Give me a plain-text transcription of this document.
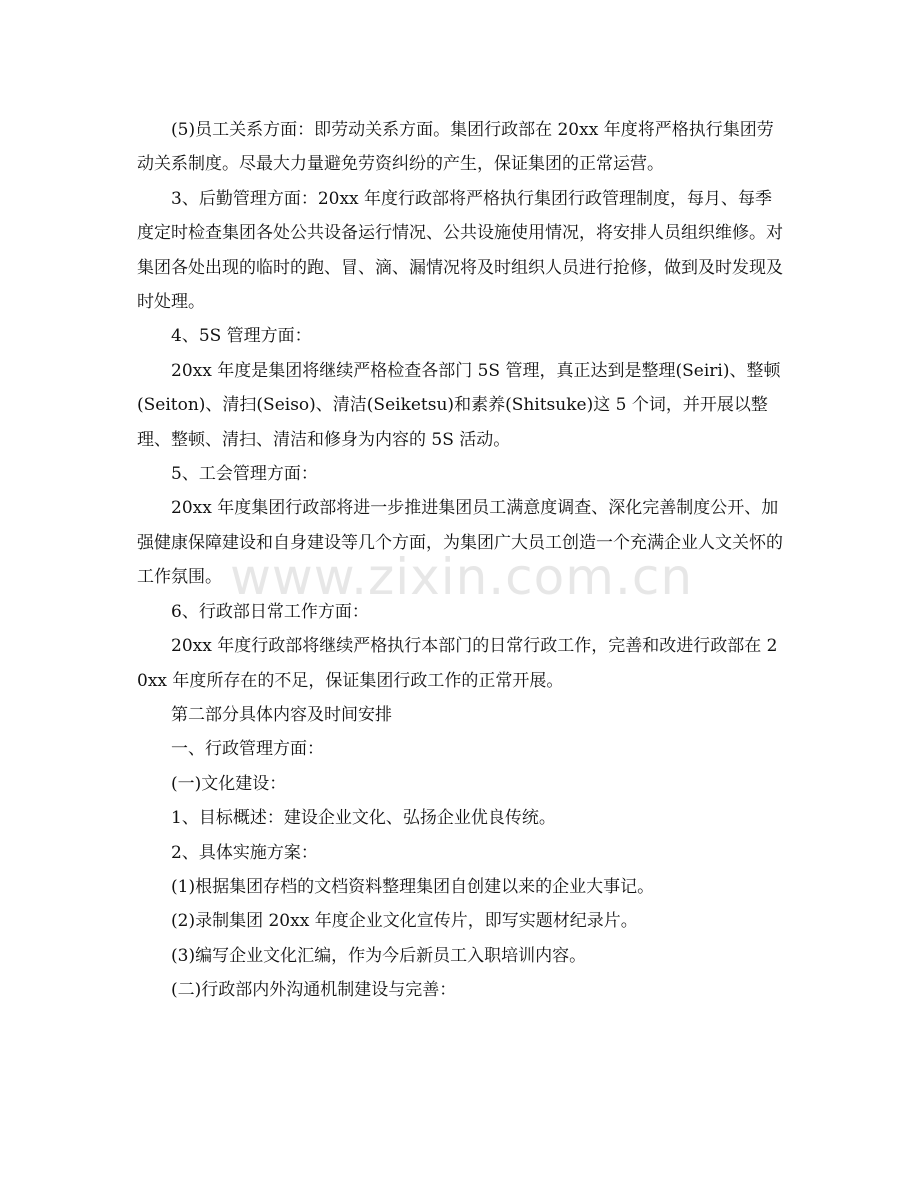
www.zixin.com.cn

(5)员工关系方面：即劳动关系方面。集团行政部在 20xx 年度将严格执行集团劳动关系制度。尽最大力量避免劳资纠纷的产生，保证集团的正常运营。

3、后勤管理方面：20xx 年度行政部将严格执行集团行政管理制度，每月、每季度定时检查集团各处公共设备运行情况、公共设施使用情况，将安排人员组织维修。对集团各处出现的临时的跑、冒、滴、漏情况将及时组织人员进行抢修，做到及时发现及时处理。

4、5S 管理方面：

20xx 年度是集团将继续严格检查各部门 5S 管理，真正达到是整理(Seiri)、整顿(Seiton)、清扫(Seiso)、清洁(Seiketsu)和素养(Shitsuke)这 5 个词，并开展以整理、整顿、清扫、清洁和修身为内容的 5S 活动。

5、工会管理方面：

20xx 年度集团行政部将进一步推进集团员工满意度调查、深化完善制度公开、加强健康保障建设和自身建设等几个方面，为集团广大员工创造一个充满企业人文关怀的工作氛围。

6、行政部日常工作方面：

20xx 年度行政部将继续严格执行本部门的日常行政工作，完善和改进行政部在 20xx 年度所存在的不足，保证集团行政工作的正常开展。

第二部分具体内容及时间安排

一、行政管理方面：

(一)文化建设：

1、目标概述：建设企业文化、弘扬企业优良传统。

2、具体实施方案：

(1)根据集团存档的文档资料整理集团自创建以来的企业大事记。

(2)录制集团 20xx 年度企业文化宣传片，即写实题材纪录片。

(3)编写企业文化汇编，作为今后新员工入职培训内容。

(二)行政部内外沟通机制建设与完善：
